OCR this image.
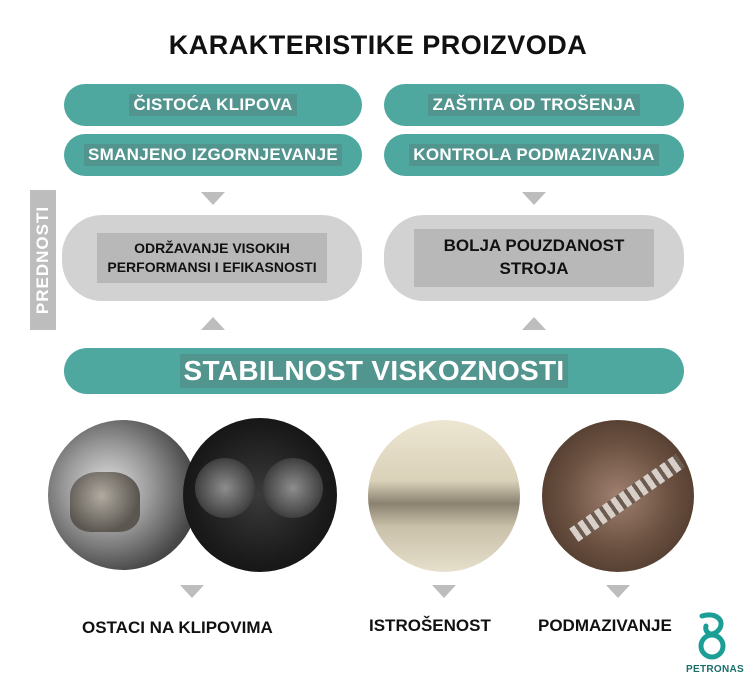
KARAKTERISTIKE PROIZVODA
ČISTOĆA KLIPOVA
SMANJENO IZGORNJEVANJE
ZAŠTITA OD TROŠENJA
KONTROLA PODMAZIVANJA
PREDNOSTI	ODRŽAVANJE VISOKIH
PERFORMANSI I EFIKASNOSTI
BOLJA POUZDANOST
STROJA
STABILNOST VISKOZNOSTI
OSTACI NA KLIPOVIMA	ISTROŠENOST	PODMAZIVANJE
PETRONAS
